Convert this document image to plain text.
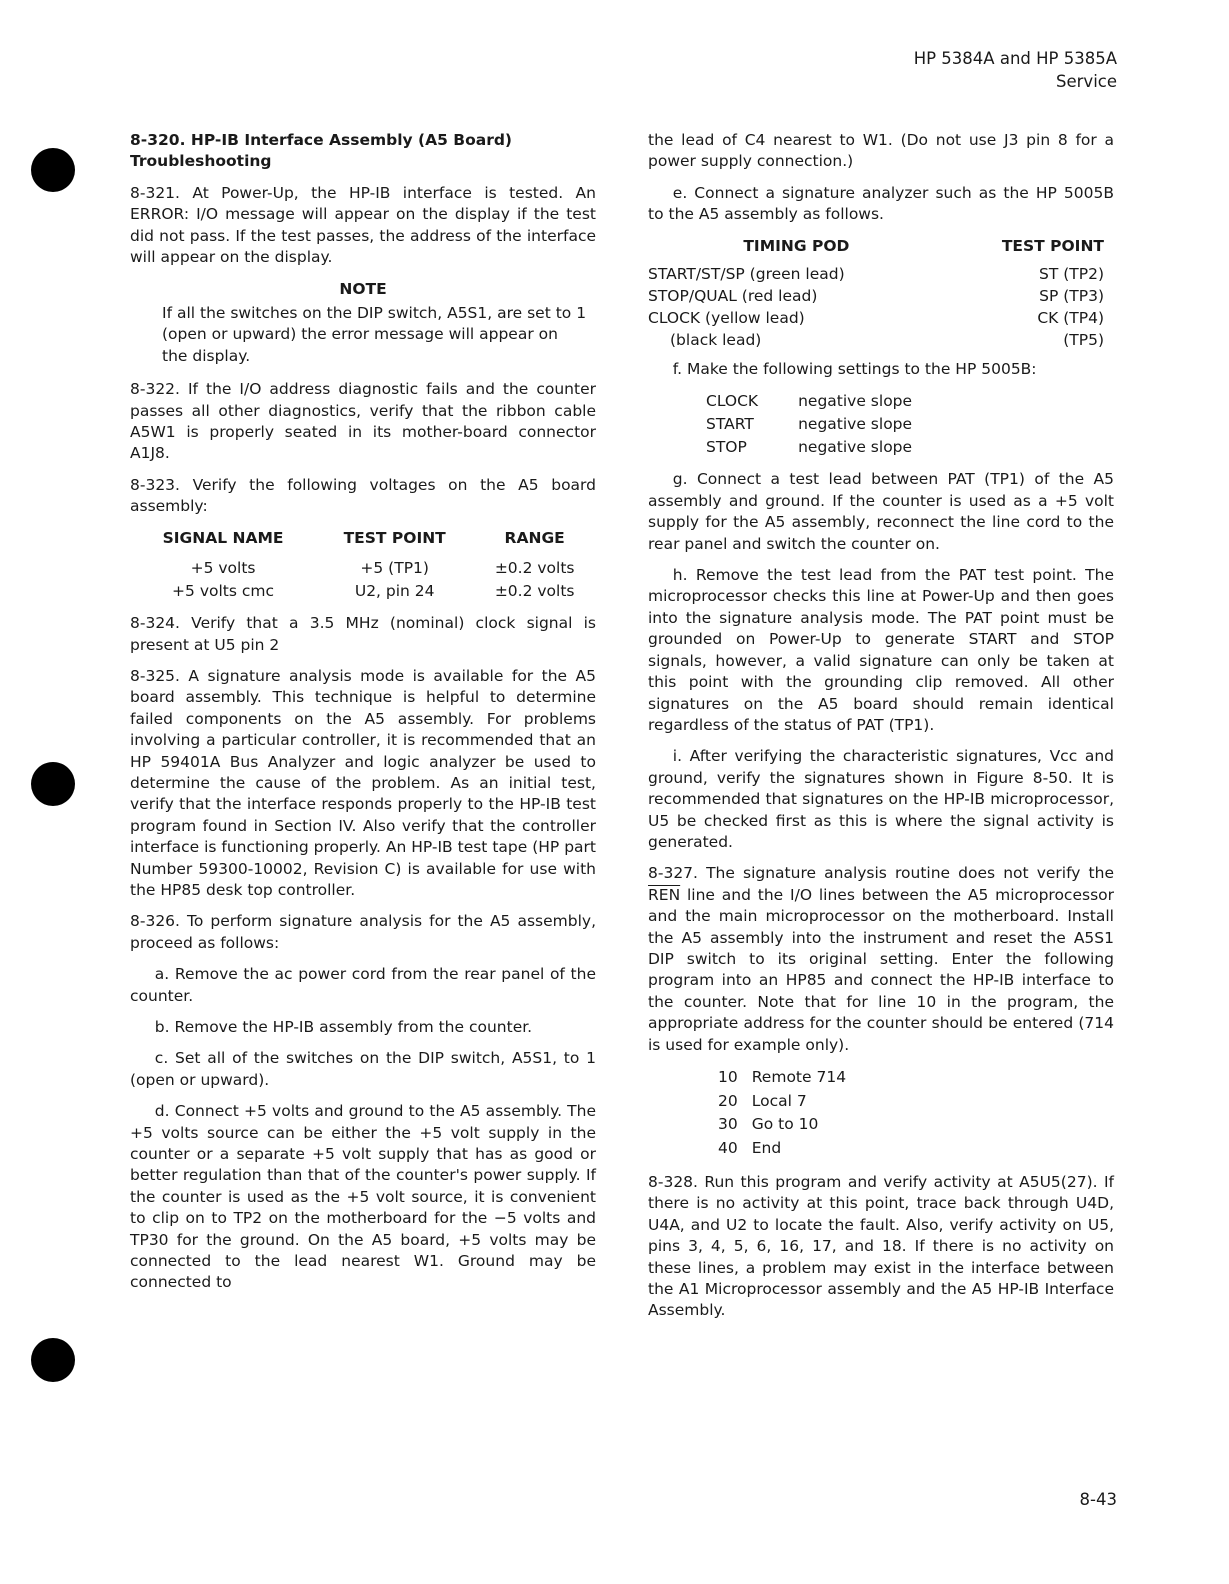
HP 5384A and HP 5385A
Service
8-320. HP-IB Interface Assembly (A5 Board)
Troubleshooting

8-321. At Power-Up, the HP-IB interface is tested. An ERROR: I/O message will appear on the display if the test did not pass. If the test passes, the address of the interface will appear on the display.

NOTE

If all the switches on the DIP switch, A5S1, are set to 1 (open or upward) the error message will appear on the display.

8-322. If the I/O address diagnostic fails and the counter passes all other diagnostics, verify that the ribbon cable A5W1 is properly seated in its mother-board connector A1J8.

8-323. Verify the following voltages on the A5 board assembly:

SIGNAL NAME	TEST POINT	RANGE
+5 volts	+5 (TP1)	±0.2 volts
+5 volts cmc	U2, pin 24	±0.2 volts

8-324. Verify that a 3.5 MHz (nominal) clock signal is present at U5 pin 2

8-325. A signature analysis mode is available for the A5 board assembly. This technique is helpful to determine failed components on the A5 assembly. For problems involving a particular controller, it is recommended that an HP 59401A Bus Analyzer and logic analyzer be used to determine the cause of the problem. As an initial test, verify that the interface responds properly to the HP-IB test program found in Section IV. Also verify that the controller interface is functioning properly. An HP-IB test tape (HP part Number 59300-10002, Revision C) is available for use with the HP85 desk top controller.

8-326. To perform signature analysis for the A5 assembly, proceed as follows:

a. Remove the ac power cord from the rear panel of the counter.

b. Remove the HP-IB assembly from the counter.

c. Set all of the switches on the DIP switch, A5S1, to 1 (open or upward).

d. Connect +5 volts and ground to the A5 assembly. The +5 volts source can be either the +5 volt supply in the counter or a separate +5 volt supply that has as good or better regulation than that of the counter's power supply. If the counter is used as the +5 volt source, it is convenient to clip on to TP2 on the motherboard for the −5 volts and TP30 for the ground. On the A5 board, +5 volts may be connected to the lead nearest W1. Ground may be connected to

the lead of C4 nearest to W1. (Do not use J3 pin 8 for a power supply connection.)

e. Connect a signature analyzer such as the HP 5005B to the A5 assembly as follows.

TIMING POD	TEST POINT
START/ST/SP (green lead)	ST (TP2)
STOP/QUAL (red lead)	SP (TP3)
CLOCK (yellow lead)	CK (TP4)
(black lead)	(TP5)

f. Make the following settings to the HP 5005B:

CLOCK	negative slope
START	negative slope
STOP	negative slope

g. Connect a test lead between PAT (TP1) of the A5 assembly and ground. If the counter is used as a +5 volt supply for the A5 assembly, reconnect the line cord to the rear panel and switch the counter on.

h. Remove the test lead from the PAT test point. The microprocessor checks this line at Power-Up and then goes into the signature analysis mode. The PAT point must be grounded on Power-Up to generate START and STOP signals, however, a valid signature can only be taken at this point with the grounding clip removed. All other signatures on the A5 board should remain identical regardless of the status of PAT (TP1).

i. After verifying the characteristic signatures, Vcc and ground, verify the signatures shown in Figure 8-50. It is recommended that signatures on the HP-IB microprocessor, U5 be checked first as this is where the signal activity is generated.

8-327. The signature analysis routine does not verify the $\overline{REN}$ line and the I/O lines between the A5 microprocessor and the main microprocessor on the motherboard. Install the A5 assembly into the instrument and reset the A5S1 DIP switch to its original setting. Enter the following program into an HP85 and connect the HP-IB interface to the counter. Note that for line 10 in the program, the appropriate address for the counter should be entered (714 is used for example only).

10	Remote 714
20	Local 7
30	Go to 10
40	End

8-328. Run this program and verify activity at A5U5(27). If there is no activity at this point, trace back through U4D, U4A, and U2 to locate the fault. Also, verify activity on U5, pins 3, 4, 5, 6, 16, 17, and 18. If there is no activity on these lines, a problem may exist in the interface between the A1 Microprocessor assembly and the A5 HP-IB Interface Assembly.

8-43
